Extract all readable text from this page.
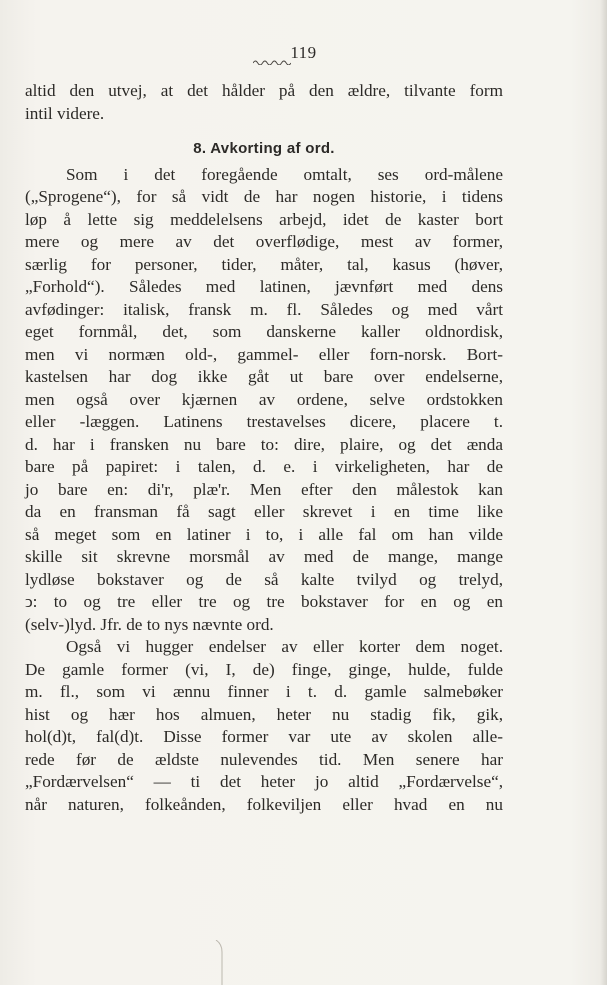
119
altid den utvej, at det hålder på den ældre, tilvante form
intil videre.
8. Avkorting af ord.
Som i det foregående omtalt, ses ord-målene
(„Sprogene“), for så vidt de har nogen historie, i tidens
løp å lette sig meddelelsens arbejd, idet de kaster bort
mere og mere av det overflødige, mest av former,
særlig for personer, tider, måter, tal, kasus (høver,
„Forhold“). Således med latinen, jævnført med dens
avfødinger: italisk, fransk m. fl. Således og med vårt
eget fornmål, det, som danskerne kaller oldnordisk,
men vi normæn old-, gammel- eller forn-norsk. Bort-
kastelsen har dog ikke gåt ut bare over endelserne,
men også over kjærnen av ordene, selve ordstokken
eller -læggen. Latinens trestavelses dicere, placere t.
d. har i fransken nu bare to: dire, plaire, og det ænda
bare på papiret: i talen, d. e. i virkeligheten, har de
jo bare en: di'r, plæ'r. Men efter den målestok kan
da en fransman få sagt eller skrevet i en time like
så meget som en latiner i to, i alle fal om han vilde
skille sit skrevne morsmål av med de mange, mange
lydløse bokstaver og de så kalte tvilyd og trelyd,
ↄ: to og tre eller tre og tre bokstaver for en og en
(selv-)lyd. Jfr. de to nys nævnte ord.
Også vi hugger endelser av eller korter dem noget.
De gamle former (vi, I, de) finge, ginge, hulde, fulde
m. fl., som vi ænnu finner i t. d. gamle salmebøker
hist og hær hos almuen, heter nu stadig fik, gik,
hol(d)t, fal(d)t. Disse former var ute av skolen alle-
rede før de ældste nulevendes tid. Men senere har
„Fordærvelsen“ — ti det heter jo altid „Fordærvelse“,
når naturen, folkeånden, folkeviljen eller hvad en nu
